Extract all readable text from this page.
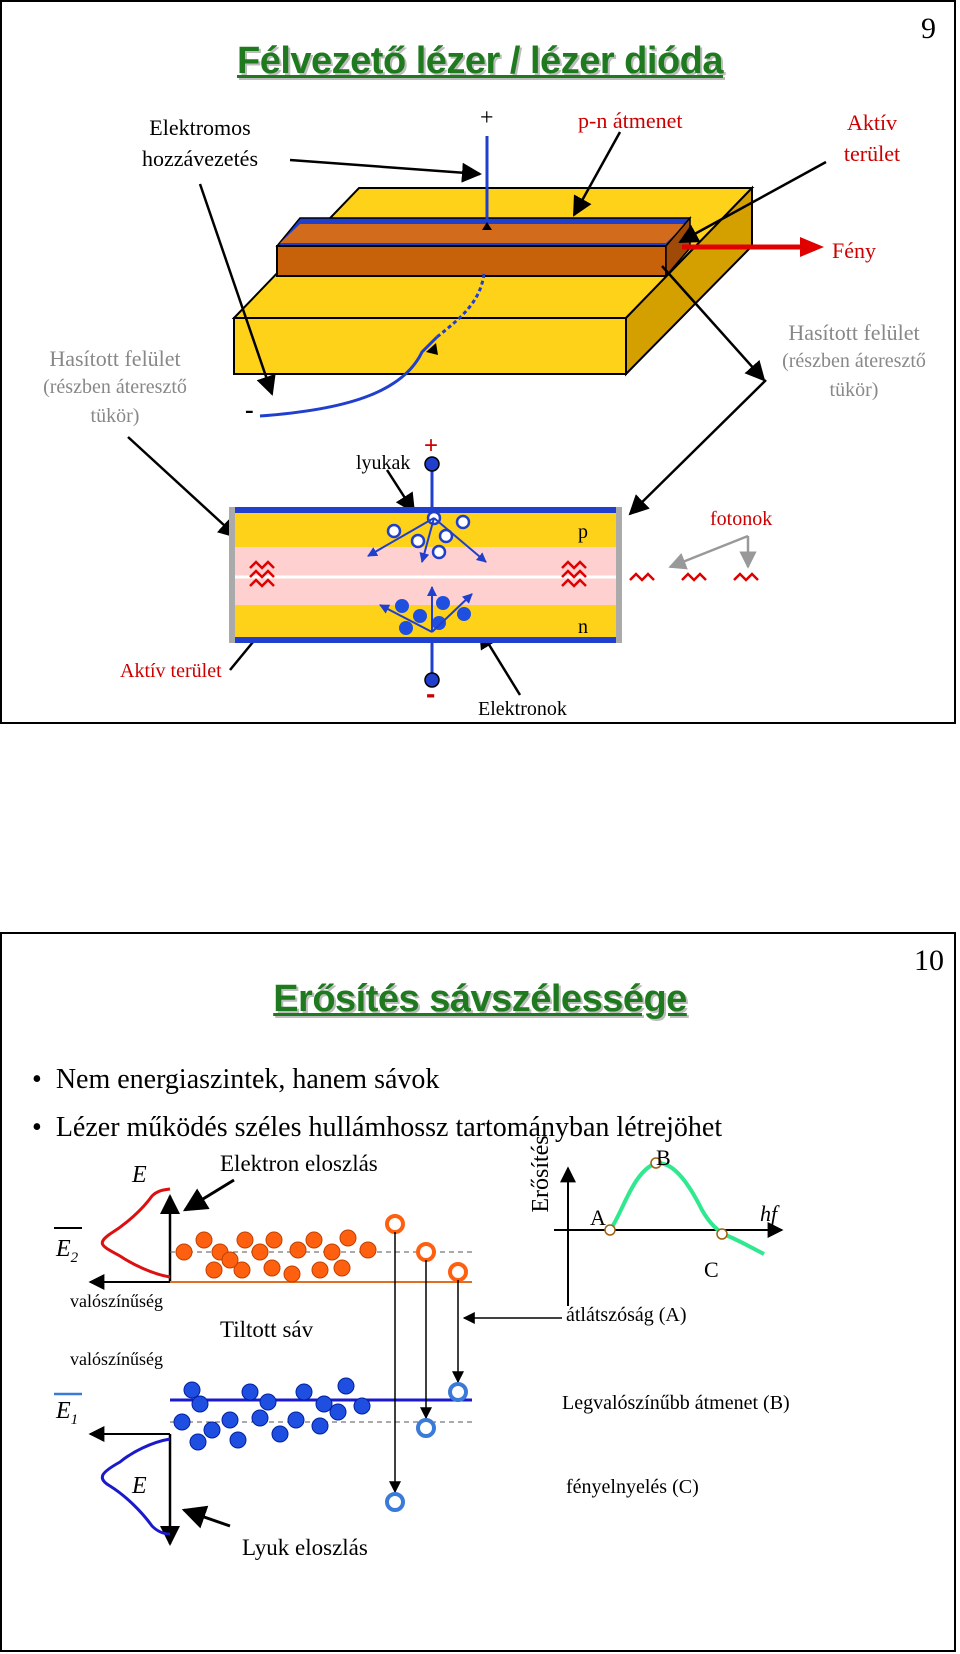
9
Félvezető lézer / lézer dióda
Elektromos
hozzávezetés
+	p-n átmenet	Aktív
terület
Fény
Hasított felület
(részben áteresztő
tükör)
Hasított felület
(részben áteresztő
tükör)
-
lyukak
+
p
n
fotonok
Aktív terület
- Elektronok
10
Erősítés sávszélessége
•  Nem energiaszintek, hanem sávok
•  Lézer működés széles hullámhossz tartományban létrejöhet
Erősítés
E
E
$E_2$
$E_1$
Elektron eloszlás
valószínűség
Tiltott sáv
valószínűség
Lyuk eloszlás
A
B
C
hf
átlátszóság (A)
Legvalószínűbb átmenet (B)
fényelnyelés (C)
